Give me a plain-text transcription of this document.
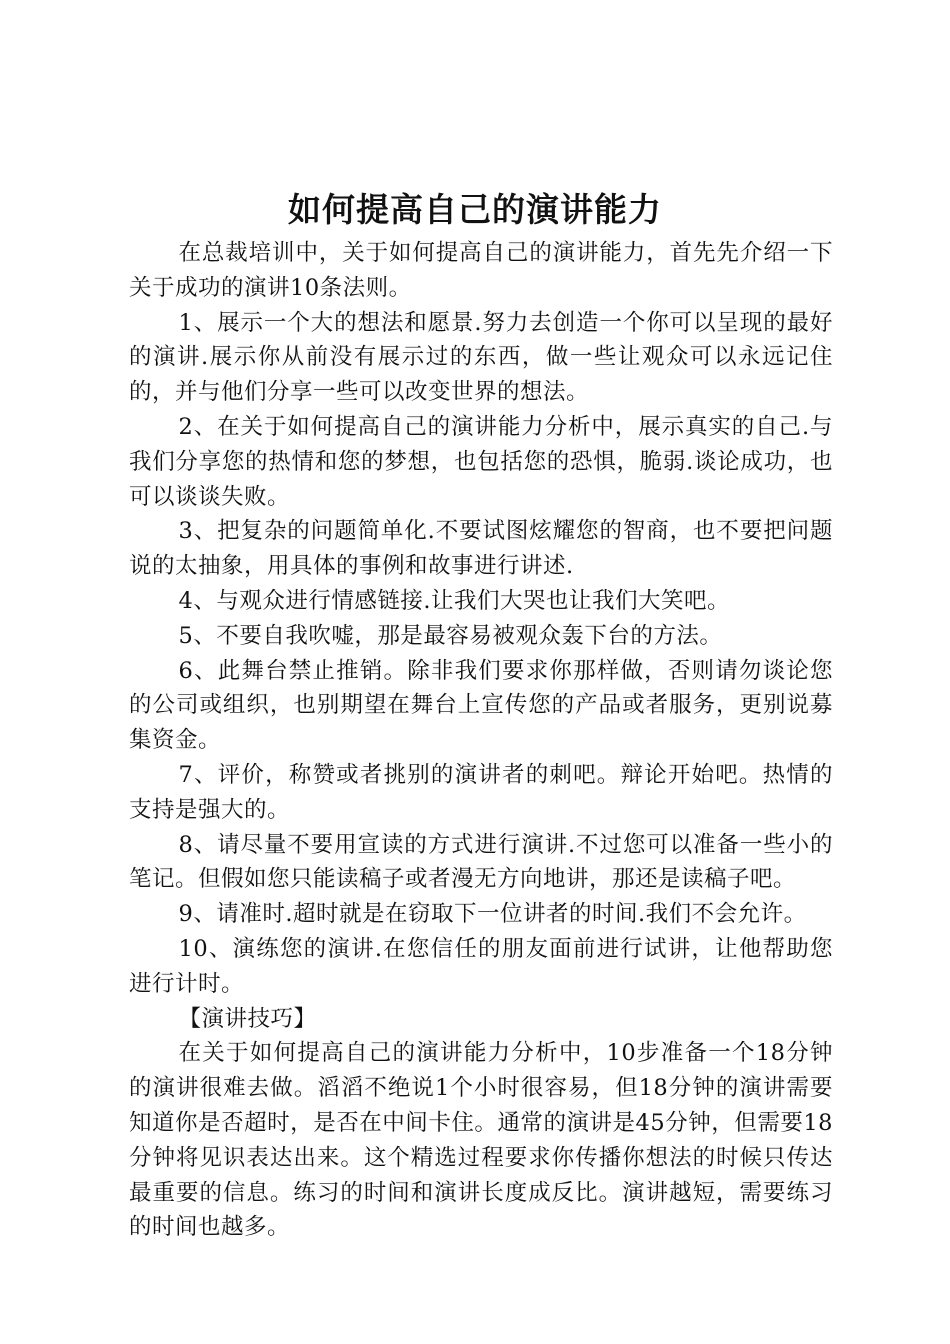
如何提高自己的演讲能力

在总裁培训中，关于如何提高自己的演讲能力，首先先介绍一下关于成功的演讲10条法则。

1、展示一个大的想法和愿景.努力去创造一个你可以呈现的最好的演讲.展示你从前没有展示过的东西，做一些让观众可以永远记住的，并与他们分享一些可以改变世界的想法。

2、在关于如何提高自己的演讲能力分析中，展示真实的自己.与我们分享您的热情和您的梦想，也包括您的恐惧，脆弱.谈论成功，也可以谈谈失败。

3、把复杂的问题简单化.不要试图炫耀您的智商，也不要把问题说的太抽象，用具体的事例和故事进行讲述.

4、与观众进行情感链接.让我们大哭也让我们大笑吧。

5、不要自我吹嘘，那是最容易被观众轰下台的方法。

6、此舞台禁止推销。除非我们要求你那样做，否则请勿谈论您的公司或组织，也别期望在舞台上宣传您的产品或者服务，更别说募集资金。

7、评价，称赞或者挑别的演讲者的刺吧。辩论开始吧。热情的支持是强大的。

8、请尽量不要用宣读的方式进行演讲.不过您可以准备一些小的笔记。但假如您只能读稿子或者漫无方向地讲，那还是读稿子吧。

9、请准时.超时就是在窃取下一位讲者的时间.我们不会允许。

10、演练您的演讲.在您信任的朋友面前进行试讲，让他帮助您进行计时。

【演讲技巧】

在关于如何提高自己的演讲能力分析中，10步准备一个18分钟的演讲很难去做。滔滔不绝说1个小时很容易，但18分钟的演讲需要知道你是否超时，是否在中间卡住。通常的演讲是45分钟，但需要18分钟将见识表达出来。这个精选过程要求你传播你想法的时候只传达最重要的信息。练习的时间和演讲长度成反比。演讲越短，需要练习的时间也越多。
